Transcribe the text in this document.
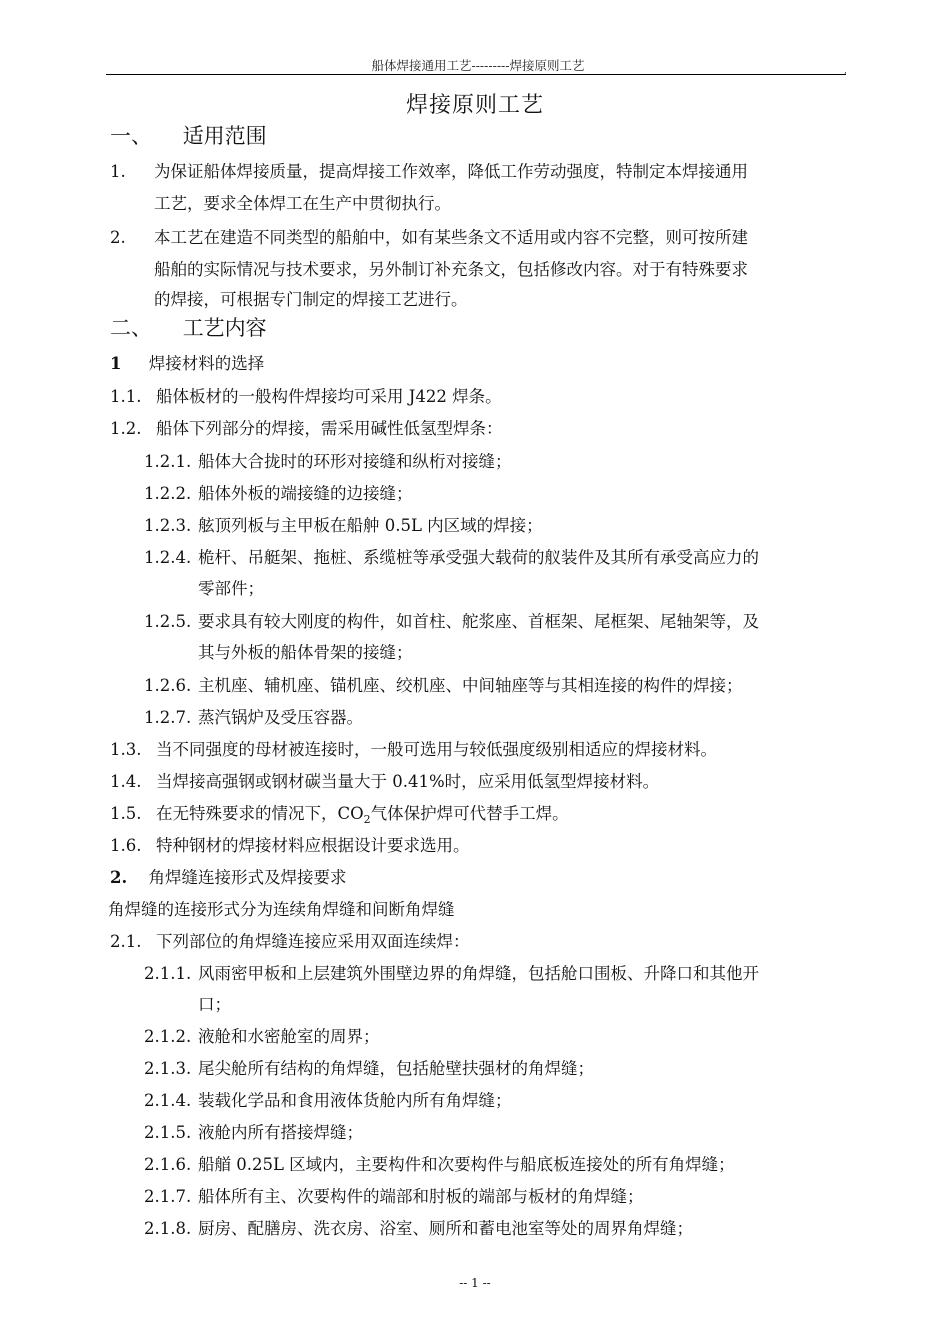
船体焊接通用工艺---------焊接原则工艺	,
焊接原则工艺
一、 适用范围
1. 为保证船体焊接质量，提高焊接工作效率，降低工作劳动强度，特制定本焊接通用
工艺，要求全体焊工在生产中贯彻执行。
2. 本工艺在建造不同类型的船舶中，如有某些条文不适用或内容不完整，则可按所建
船舶的实际情况与技术要求，另外制订补充条文，包括修改内容。对于有特殊要求
的焊接，可根据专门制定的焊接工艺进行。
二、 工艺内容
1 焊接材料的选择
1.1. 船体板材的一般构件焊接均可采用 J422 焊条。
1.2. 船体下列部分的焊接，需采用碱性低氢型焊条：
1.2.1. 船体大合拢时的环形对接缝和纵桁对接缝；
1.2.2. 船体外板的端接缝的边接缝；
1.2.3. 舷顶列板与主甲板在船舯 0.5L 内区域的焊接；
1.2.4. 桅杆、吊艇架、拖桩、系缆桩等承受强大载荷的舣装件及其所有承受高应力的
零部件；
1.2.5. 要求具有较大刚度的构件，如首柱、舵浆座、首框架、尾框架、尾轴架等，及
其与外板的船体骨架的接缝；
1.2.6. 主机座、辅机座、锚机座、绞机座、中间轴座等与其相连接的构件的焊接；
1.2.7. 蒸汽锅炉及受压容器。
1.3. 当不同强度的母材被连接时，一般可选用与较低强度级别相适应的焊接材料。
1.4. 当焊接高强钢或钢材碳当量大于 0.41%时，应采用低氢型焊接材料。
1.5. 在无特殊要求的情况下，$CO_2$气体保护焊可代替手工焊。
1.6. 特种钢材的焊接材料应根据设计要求选用。
2. 角焊缝连接形式及焊接要求
角焊缝的连接形式分为连续角焊缝和间断角焊缝
2.1. 下列部位的角焊缝连接应采用双面连续焊：
2.1.1. 风雨密甲板和上层建筑外围壁边界的角焊缝，包括舱口围板、升降口和其他开
口；
2.1.2. 液舱和水密舱室的周界；
2.1.3. 尾尖舱所有结构的角焊缝，包括舱壁扶强材的角焊缝；
2.1.4. 装载化学品和食用液体货舱内所有角焊缝；
2.1.5. 液舱内所有搭接焊缝；
2.1.6. 船艏 0.25L 区域内，主要构件和次要构件与船底板连接处的所有角焊缝；
2.1.7. 船体所有主、次要构件的端部和肘板的端部与板材的角焊缝；
2.1.8. 厨房、配膳房、洗衣房、浴室、厕所和蓄电池室等处的周界角焊缝；
-- 1 --
